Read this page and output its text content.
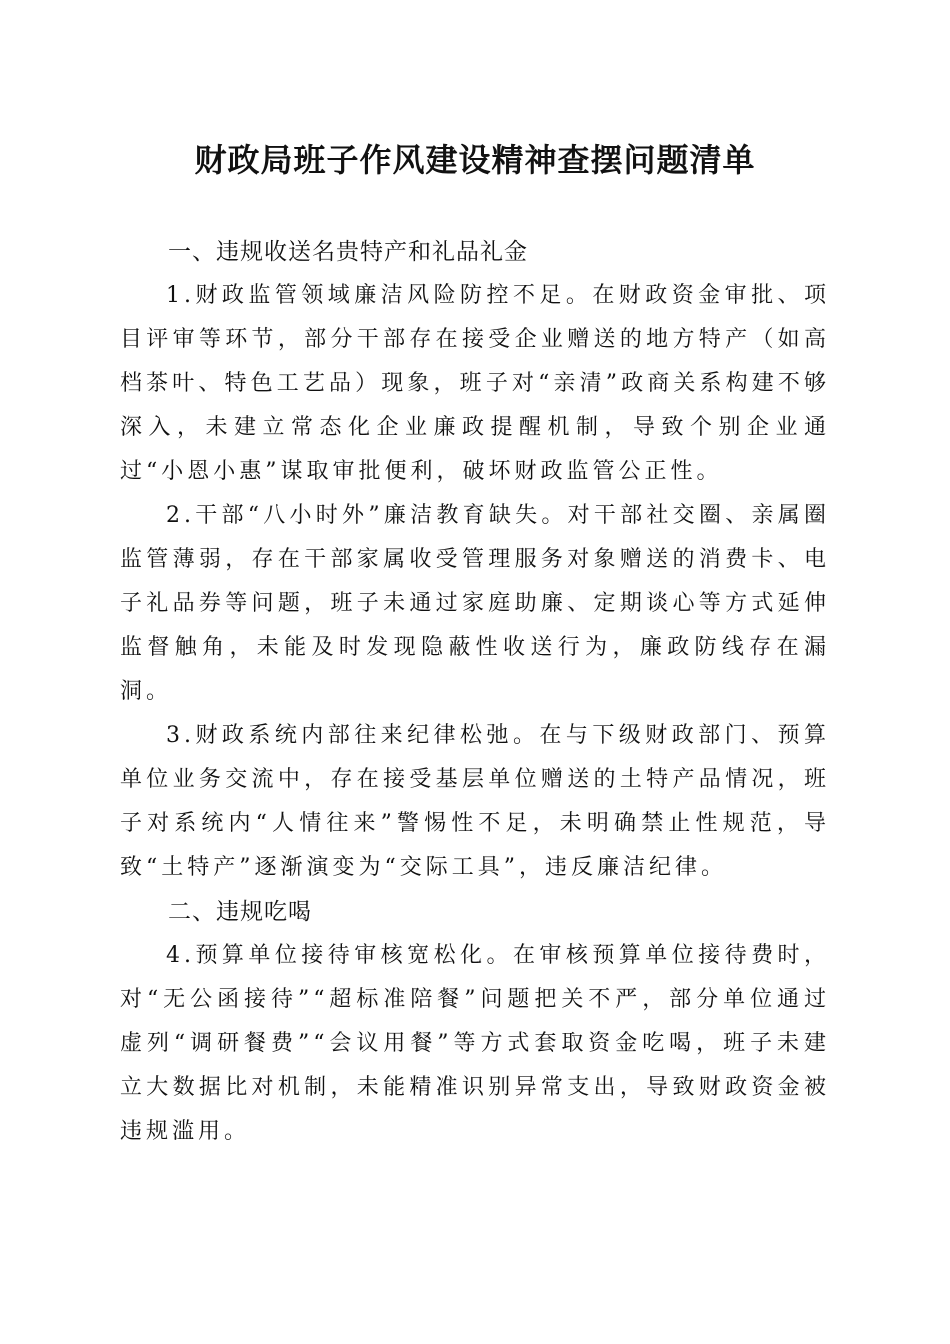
财政局班子作风建设精神查摆问题清单
一、违规收送名贵特产和礼品礼金

1.财政监管领域廉洁风险防控不足。在财政资金审批、项目评审等环节，部分干部存在接受企业赠送的地方特产（如高档茶叶、特色工艺品）现象，班子对“亲清”政商关系构建不够深入，未建立常态化企业廉政提醒机制，导致个别企业通过“小恩小惠”谋取审批便利，破坏财政监管公正性。

2.干部“八小时外”廉洁教育缺失。对干部社交圈、亲属圈监管薄弱，存在干部家属收受管理服务对象赠送的消费卡、电子礼品券等问题，班子未通过家庭助廉、定期谈心等方式延伸监督触角，未能及时发现隐蔽性收送行为，廉政防线存在漏洞。

3.财政系统内部往来纪律松弛。在与下级财政部门、预算单位业务交流中，存在接受基层单位赠送的土特产品情况，班子对系统内“人情往来”警惕性不足，未明确禁止性规范，导致“土特产”逐渐演变为“交际工具”，违反廉洁纪律。

二、违规吃喝

4.预算单位接待审核宽松化。在审核预算单位接待费时，对“无公函接待”“超标准陪餐”问题把关不严，部分单位通过虚列“调研餐费”“会议用餐”等方式套取资金吃喝，班子未建立大数据比对机制，未能精准识别异常支出，导致财政资金被违规滥用。
